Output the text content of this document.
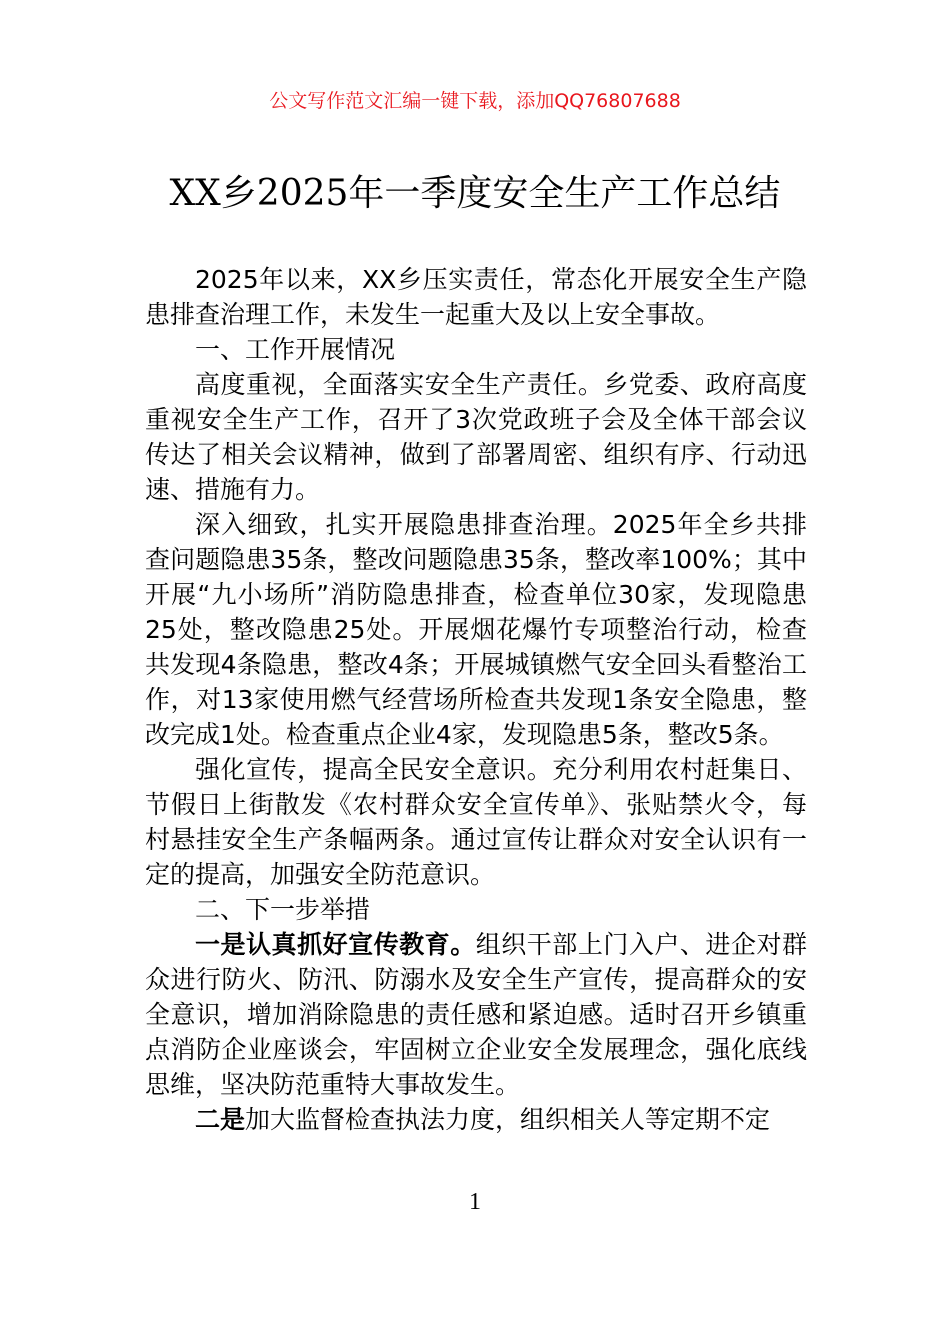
公文写作范文汇编一键下载，添加QQ76807688
XX乡2025年一季度安全生产工作总结

2025年以来，XX乡压实责任，常态化开展安全生产隐患排查治理工作，未发生一起重大及以上安全事故。

一、工作开展情况

高度重视，全面落实安全生产责任。乡党委、政府高度重视安全生产工作，召开了3次党政班子会及全体干部会议传达了相关会议精神，做到了部署周密、组织有序、行动迅速、措施有力。

深入细致，扎实开展隐患排查治理。2025年全乡共排查问题隐患35条，整改问题隐患35条，整改率100%；其中开展“九小场所”消防隐患排查，检查单位30家，发现隐患25处，整改隐患25处。开展烟花爆竹专项整治行动，检查共发现4条隐患，整改4条；开展城镇燃气安全回头看整治工作，对13家使用燃气经营场所检查共发现1条安全隐患，整改完成1处。检查重点企业4家，发现隐患5条，整改5条。

强化宣传，提高全民安全意识。充分利用农村赶集日、节假日上街散发《农村群众安全宣传单》、张贴禁火令，每村悬挂安全生产条幅两条。通过宣传让群众对安全认识有一定的提高，加强安全防范意识。

二、下一步举措

一是认真抓好宣传教育。组织干部上门入户、进企对群众进行防火、防汛、防溺水及安全生产宣传，提高群众的安全意识，增加消除隐患的责任感和紧迫感。适时召开乡镇重点消防企业座谈会，牢固树立企业安全发展理念，强化底线思维，坚决防范重特大事故发生。

二是加大监督检查执法力度，组织相关人等定期不定

1
